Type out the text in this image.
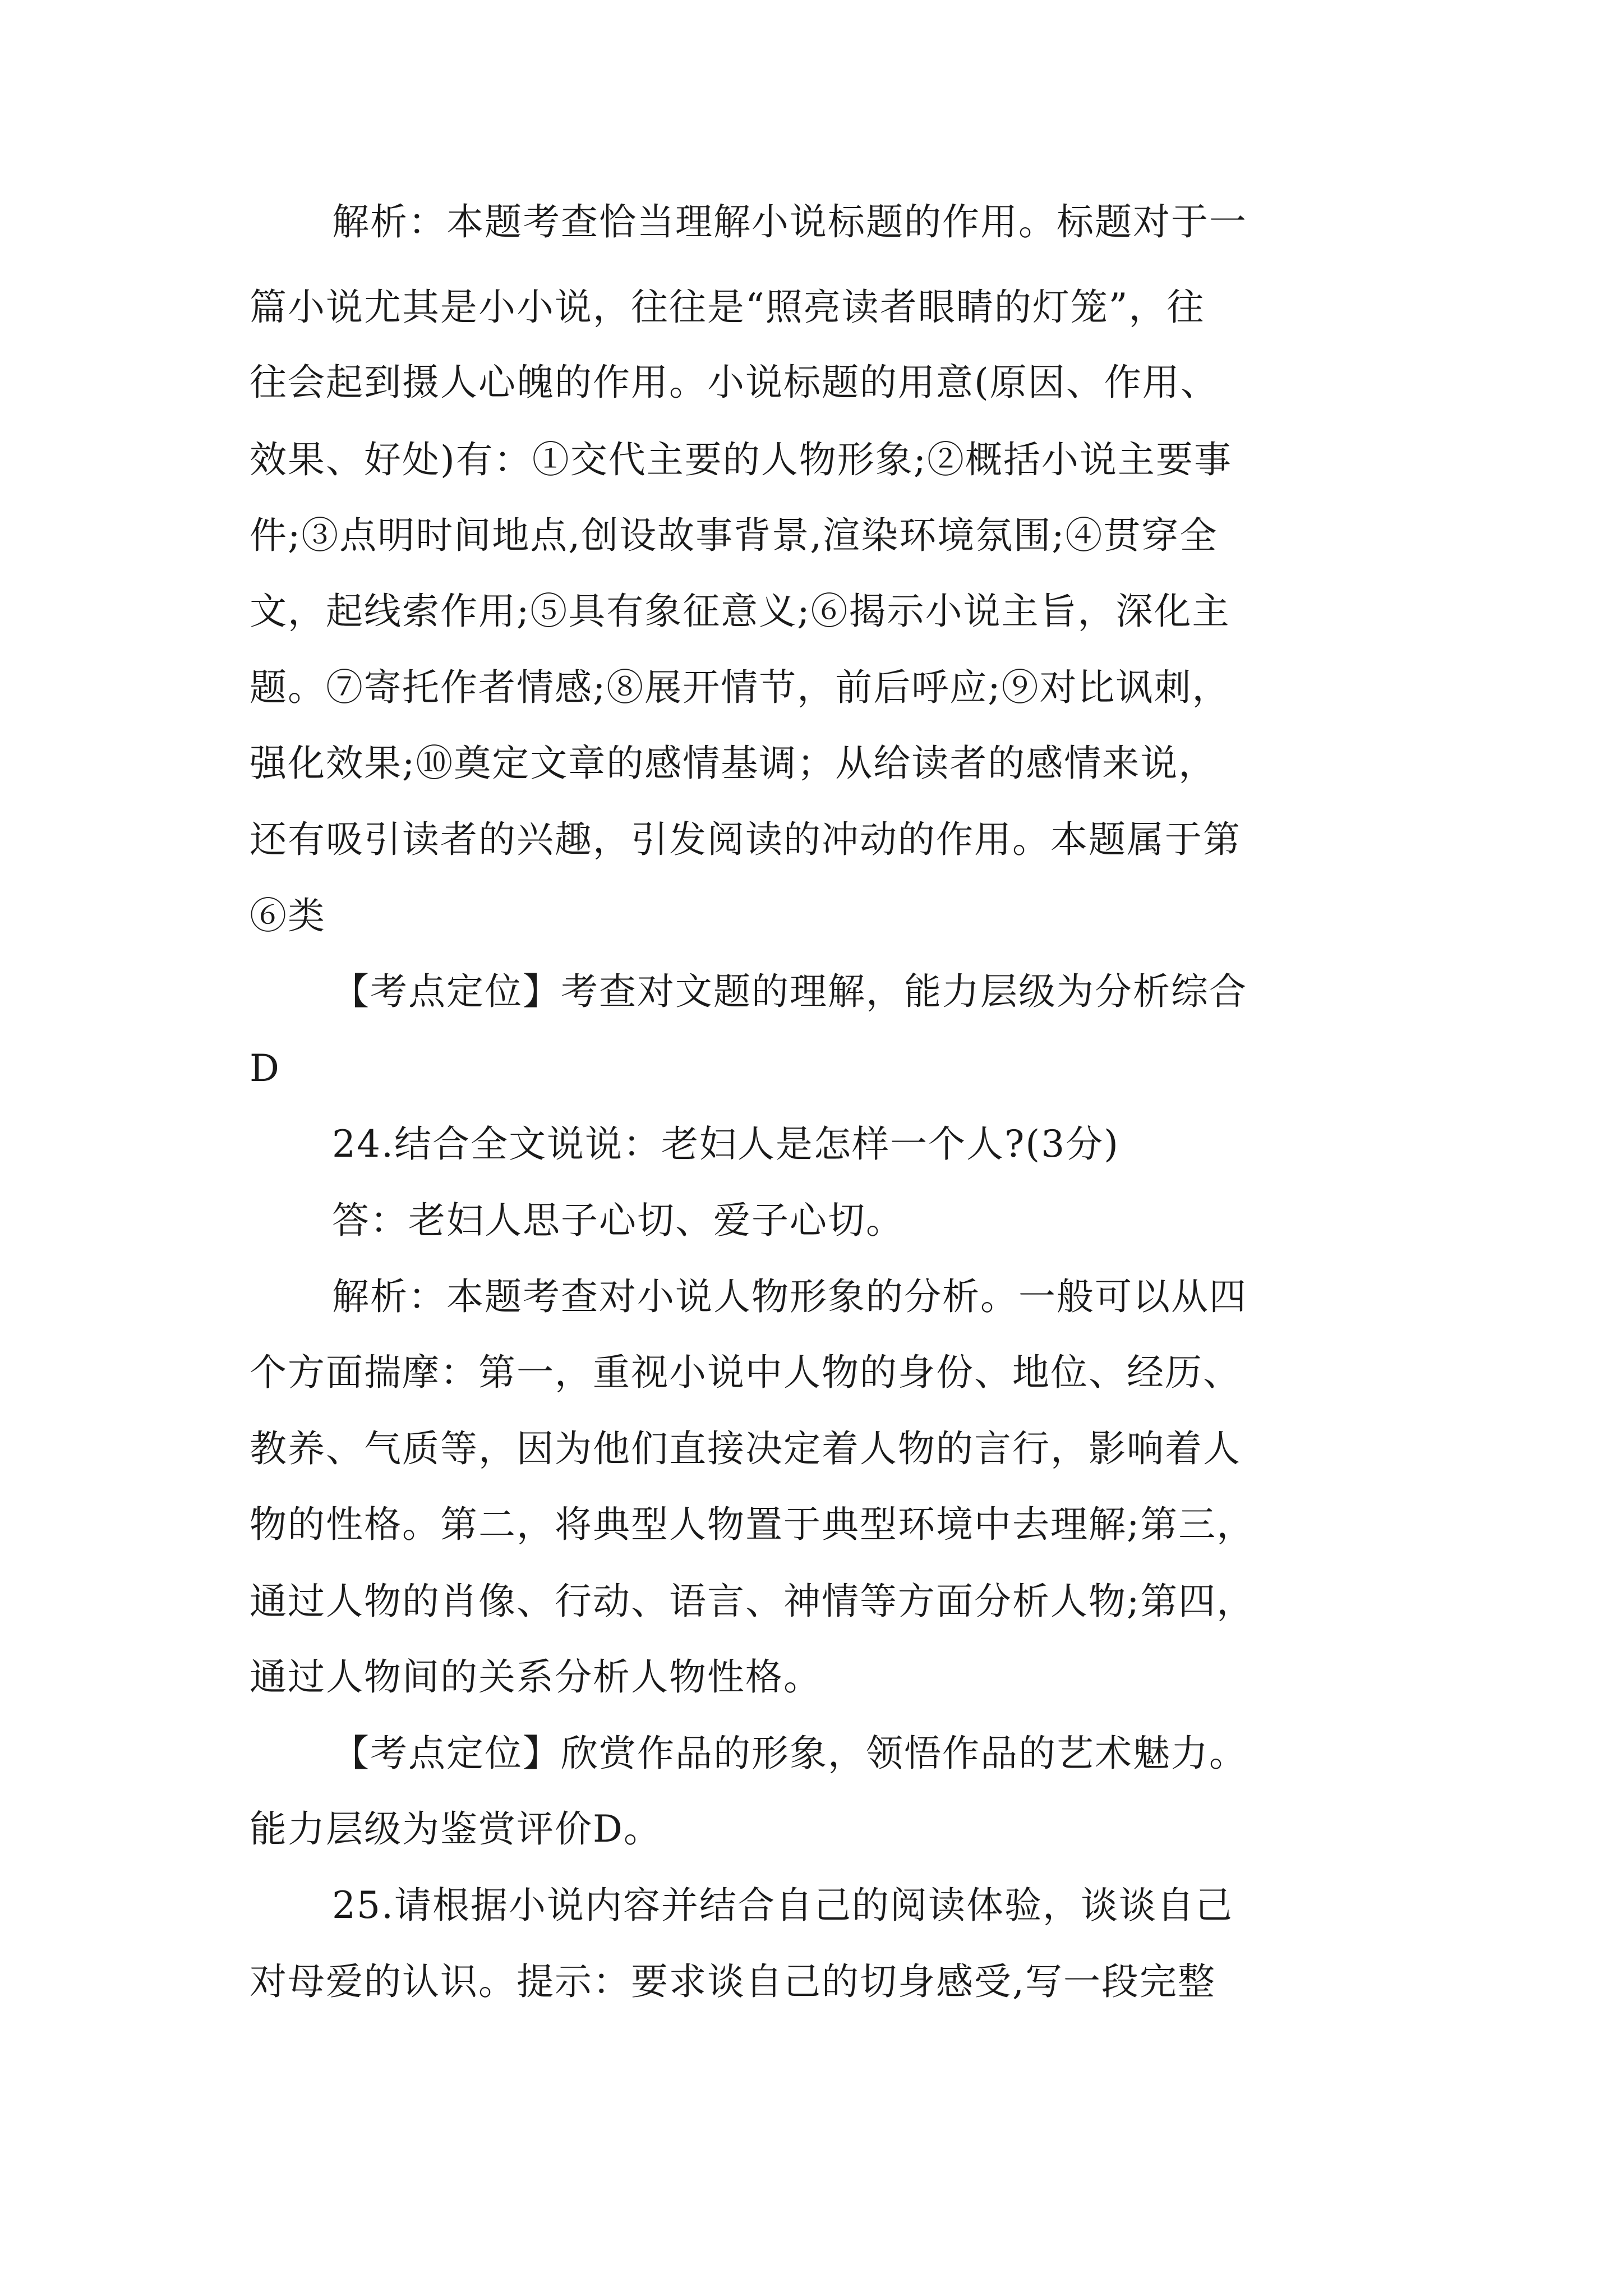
解析：本题考查恰当理解小说标题的作用。标题对于一
篇小说尤其是小小说，往往是“照亮读者眼睛的灯笼”，往
往会起到摄人心魄的作用。小说标题的用意(原因、作用、
效果、好处)有：①交代主要的人物形象;②概括小说主要事
件;③点明时间地点,创设故事背景,渲染环境氛围;④贯穿全
文，起线索作用;⑤具有象征意义;⑥揭示小说主旨，深化主
题。⑦寄托作者情感;⑧展开情节，前后呼应;⑨对比讽刺，
强化效果;⑩奠定文章的感情基调；从给读者的感情来说，
还有吸引读者的兴趣，引发阅读的冲动的作用。本题属于第
⑥类
【考点定位】考查对文题的理解，能力层级为分析综合
D
24.结合全文说说：老妇人是怎样一个人?(3分)
答：老妇人思子心切、爱子心切。
解析：本题考查对小说人物形象的分析。一般可以从四
个方面揣摩：第一，重视小说中人物的身份、地位、经历、
教养、气质等，因为他们直接决定着人物的言行，影响着人
物的性格。第二，将典型人物置于典型环境中去理解;第三，
通过人物的肖像、行动、语言、神情等方面分析人物;第四，
通过人物间的关系分析人物性格。
【考点定位】欣赏作品的形象，领悟作品的艺术魅力。
能力层级为鉴赏评价D。
25.请根据小说内容并结合自己的阅读体验，谈谈自己
对母爱的认识。提示：要求谈自己的切身感受,写一段完整
